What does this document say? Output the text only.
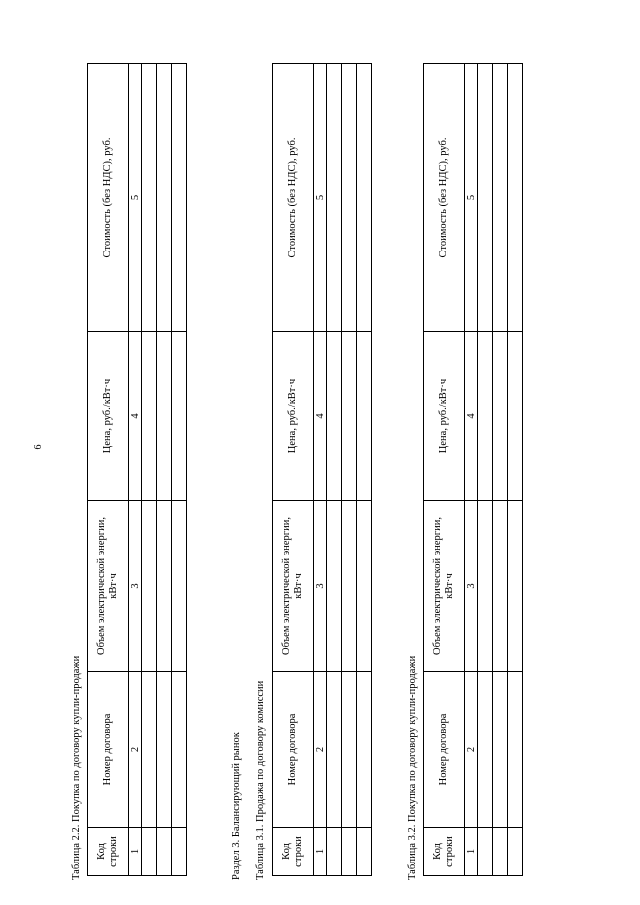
6
Таблица 2.2. Покупка по договору купли-продажи Код строки	Номер договора	Объем электрической энергии, кВт·ч	Цена, руб./кВт·ч	Стоимость (без НДС), руб.
1	2	3	4	5

Раздел 3. Балансирующий рынок Таблица 3.1. Продажа по договору комиссии Код строки	Номер договора	Объем электрической энергии, кВт·ч	Цена, руб./кВт·ч	Стоимость (без НДС), руб.
1	2	3	4	5

Таблица 3.2. Покупка по договору купли-продажи Код строки	Номер договора	Объем электрической энергии, кВт·ч	Цена, руб./кВт·ч	Стоимость (без НДС), руб.
1	2	3	4	5
